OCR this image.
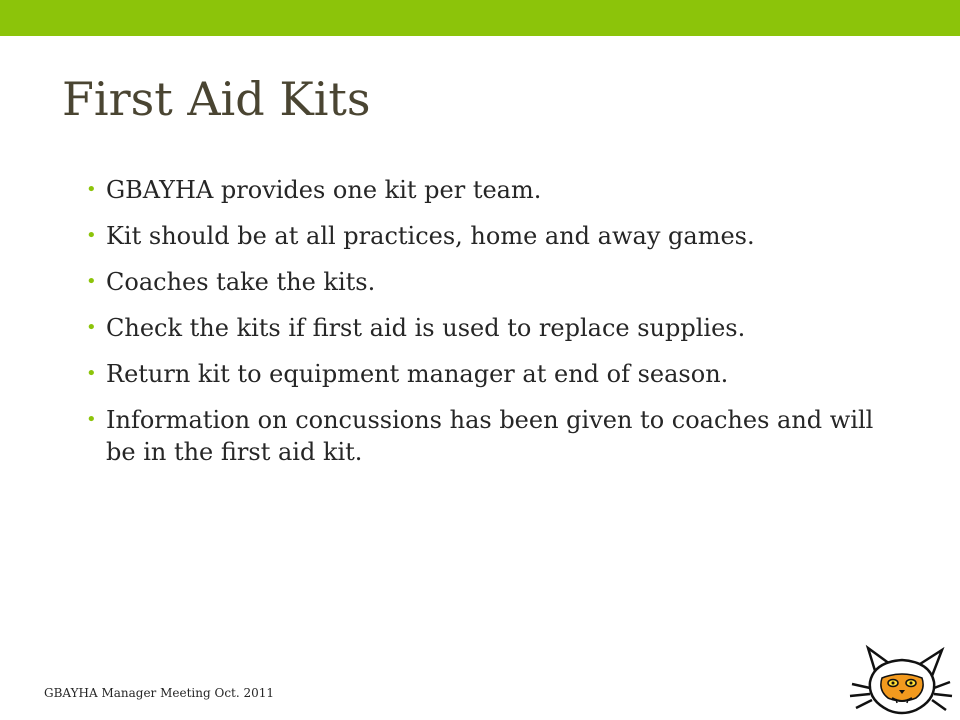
First Aid Kits
• GBAYHA provides one kit per team.
• Kit should be at all practices, home and away games.
• Coaches take the kits.
• Check the kits if first aid is used to replace supplies.
• Return kit to equipment manager at end of season.
• Information on concussions has been given to coaches and will be in the first aid kit.
GBAYHA Manager Meeting Oct. 2011
